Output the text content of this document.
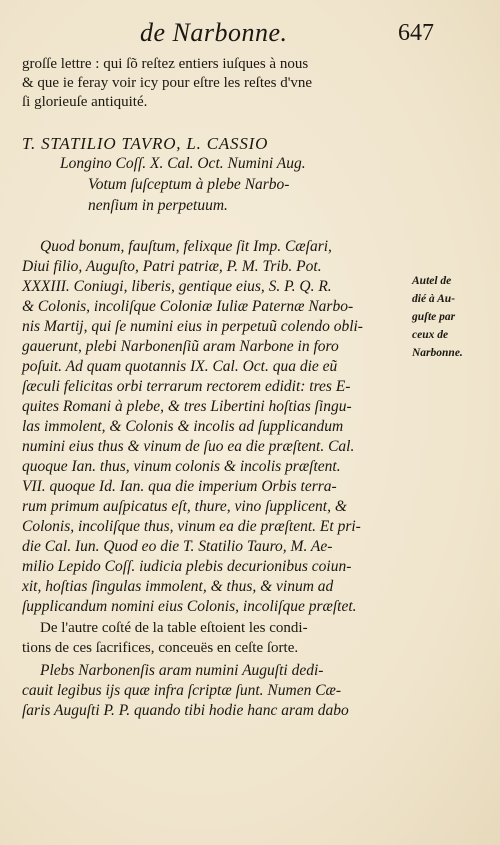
de Narbonne.	647
groſſe lettre : qui ſõ reſtez entiers iuſques à nous
& que ie feray voir icy pour eſtre les reſtes d'vne
ſi glorieuſe antiquité.
T. STATILIO TAVRO, L. CASSIO
Longino Coſſ. X. Cal. Oct. Numini Aug.
Votum ſuſceptum à plebe Narbo-
nenſium in perpetuum.
Quod bonum, fauſtum, felixque ſit Imp. Cæſari,
Diui filio, Auguſto, Patri patriæ, P. M. Trib. Pot.
XXXIII. Coniugi, liberis, gentique eius, S. P. Q. R.
& Colonis, incoliſque Coloniæ Iuliæ Paternæ Narbo-
nis Martij, qui ſe numini eius in perpetuũ colendo obli-
gauerunt, plebi Narbonenſiũ aram Narbone in foro
poſuit. Ad quam quotannis IX. Cal. Oct. qua die eũ
ſæculi felicitas orbi terrarum rectorem edidit: tres E-
quites Romani à plebe, & tres Libertini hoſtias ſingu-
las immolent, & Colonis & incolis ad ſupplicandum
numini eius thus & vinum de ſuo ea die præſtent. Cal.
quoque Ian. thus, vinum colonis & incolis præſtent.
VII. quoque Id. Ian. qua die imperium Orbis terra-
rum primum auſpicatus eſt, thure, vino ſupplicent, &
Colonis, incoliſque thus, vinum ea die præſtent. Et pri-
die Cal. Iun. Quod eo die T. Statilio Tauro, M. Ae-
milio Lepido Coſſ. iudicia plebis decurionibus coiun-
xit, hoſtias ſingulas immolent, & thus, & vinum ad
ſupplicandum nomini eius Colonis, incoliſque præſtet.
De l'autre coſté de la table eſtoient les condi-
tions de ces ſacrifices, conceuës en ceſte ſorte.
Plebs Narbonenſis aram numini Auguſti dedi-
cauit legibus ijs quæ infra ſcriptæ ſunt. Numen Cæ-
ſaris Auguſti P. P. quando tibi hodie hanc aram dabo
Autel de
dié à Au-
guſte par
ceux de
Narbonne.
